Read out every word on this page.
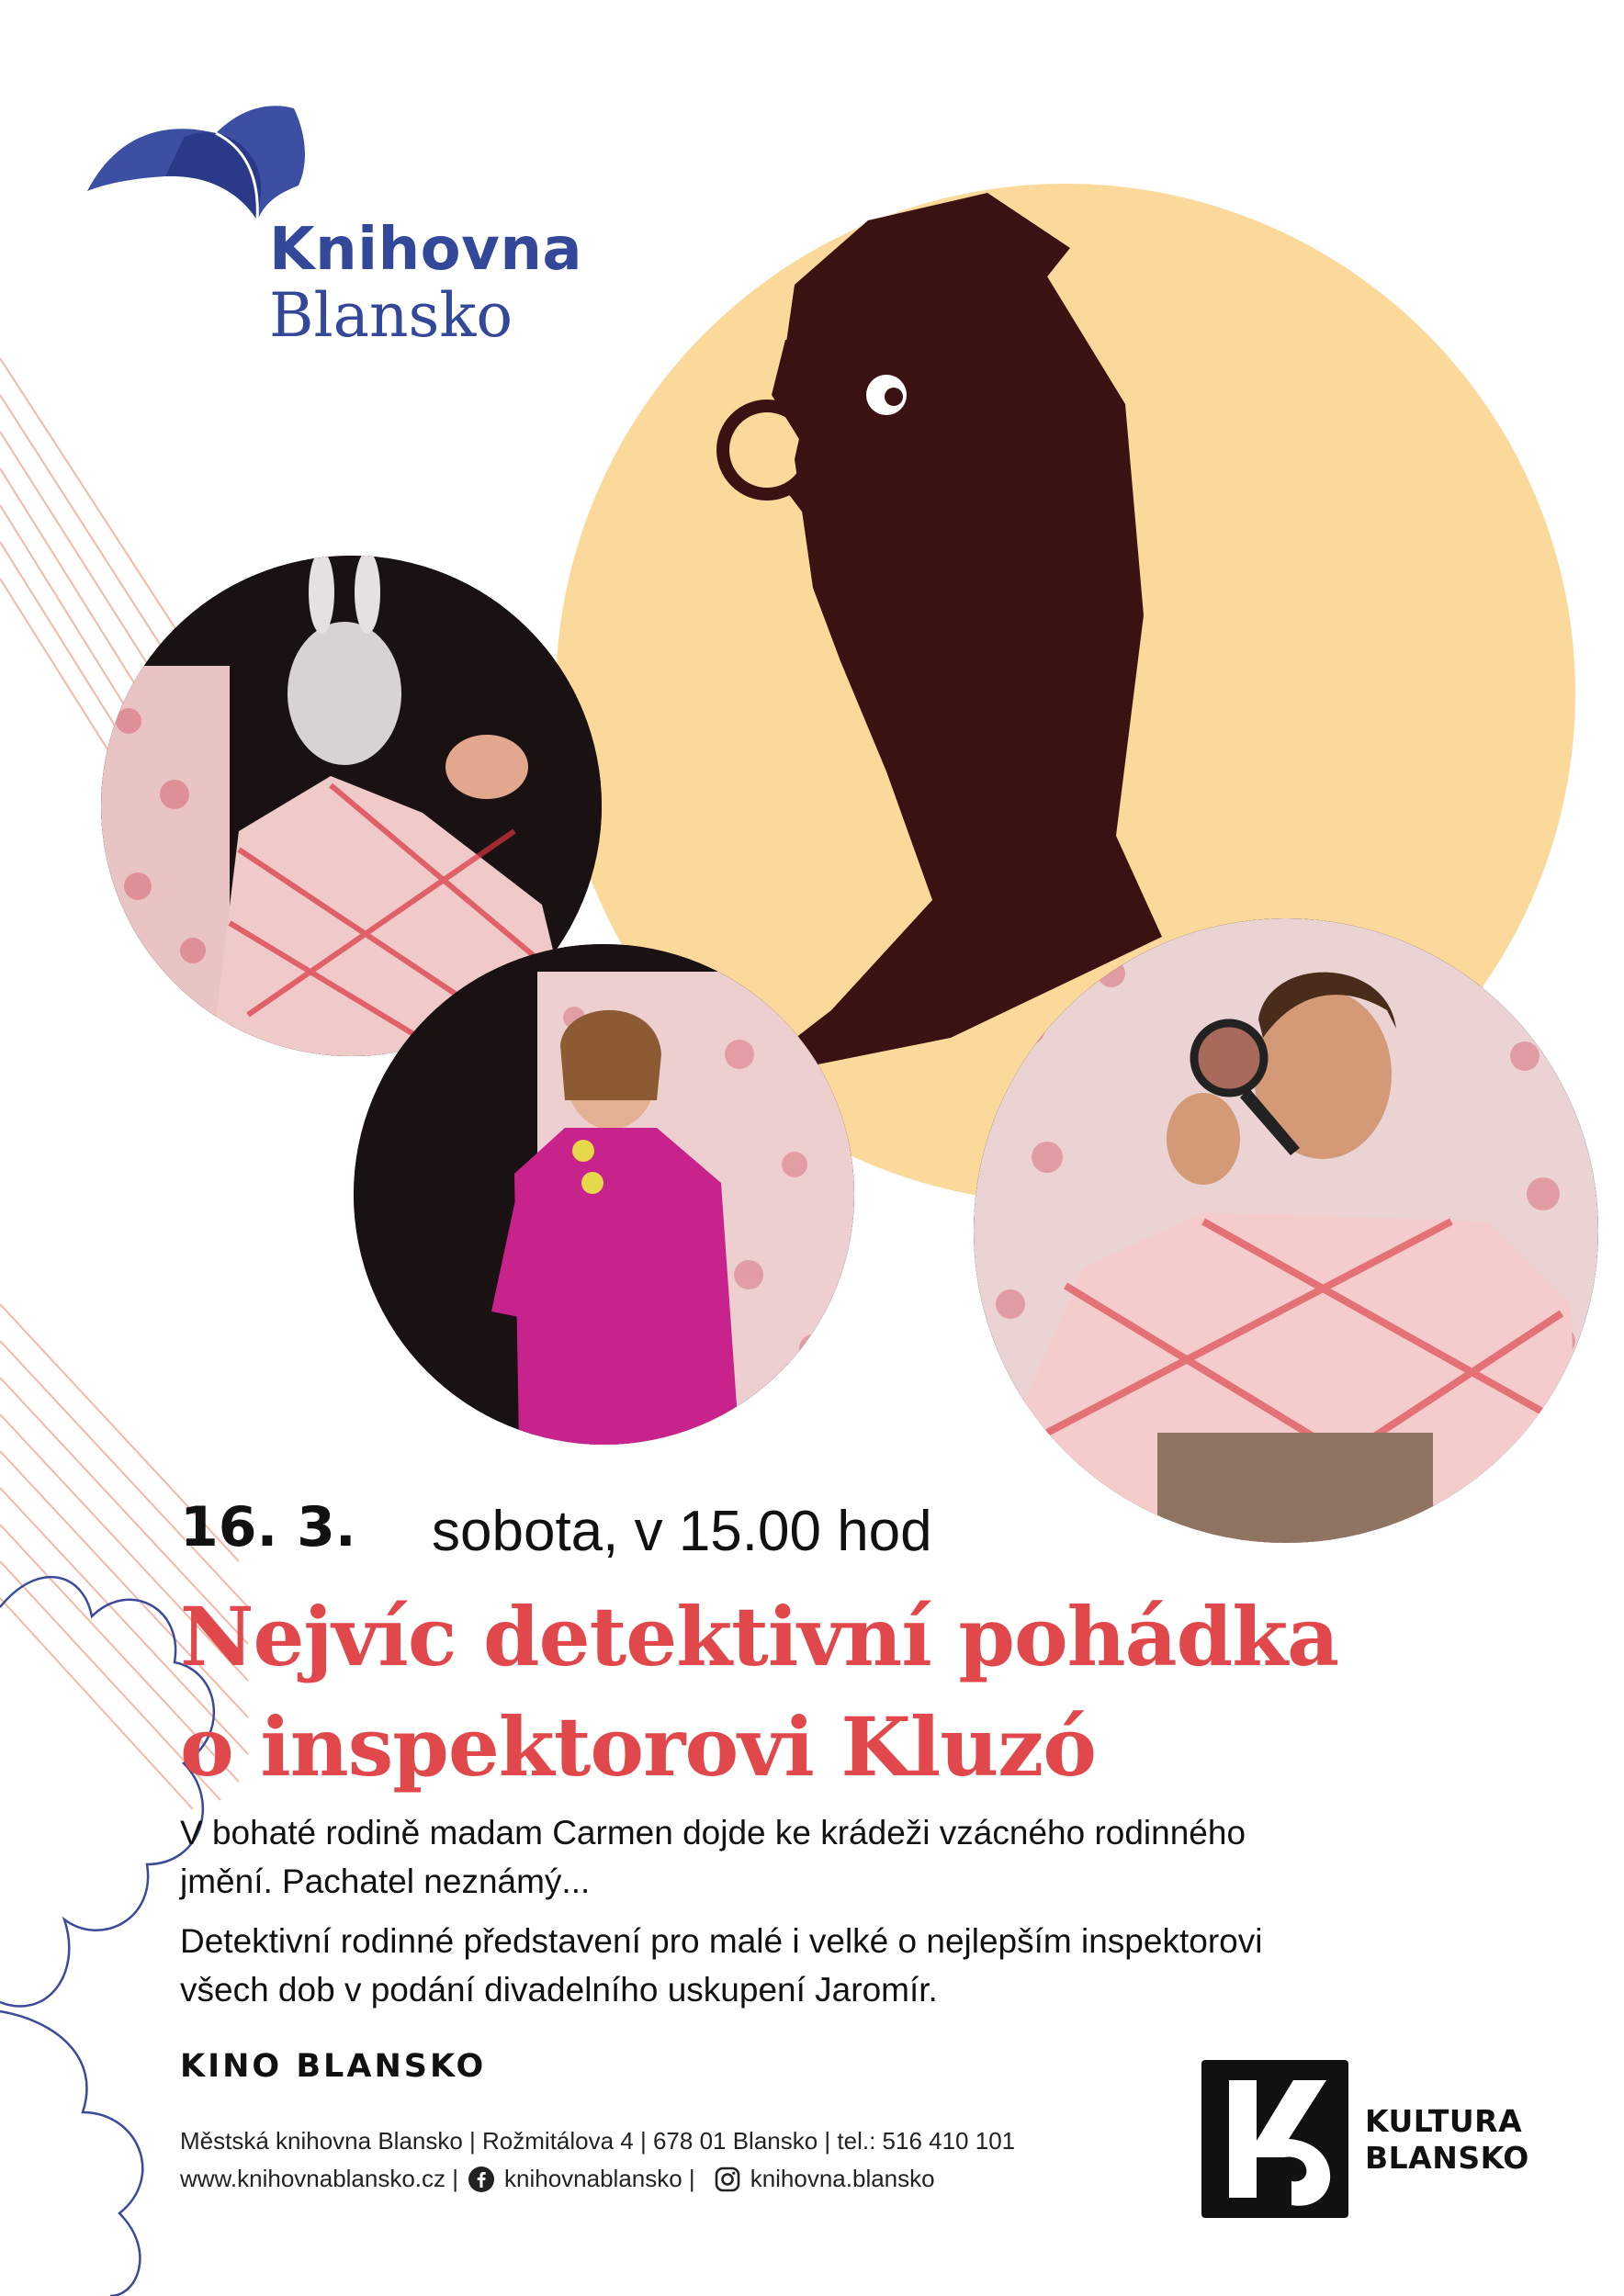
Knihovna
Blansko
16. 3. sobota, v 15.00 hod
Nejvíc detektivní pohádka
o inspektorovi Kluzó
V bohaté rodině madam Carmen dojde ke krádeži vzácného rodinného
jmění. Pachatel neznámý...
Detektivní rodinné představení pro malé i velké o nejlepším inspektorovi
všech dob v podání divadelního uskupení Jaromír.
KINO BLANSKO
Městská knihovna Blansko | Rožmitálova 4 | 678 01 Blansko | tel.: 516 410 101
www.knihovnablansko.cz | knihovnablansko | knihovna.blansko
KULTURA
BLANSKO
